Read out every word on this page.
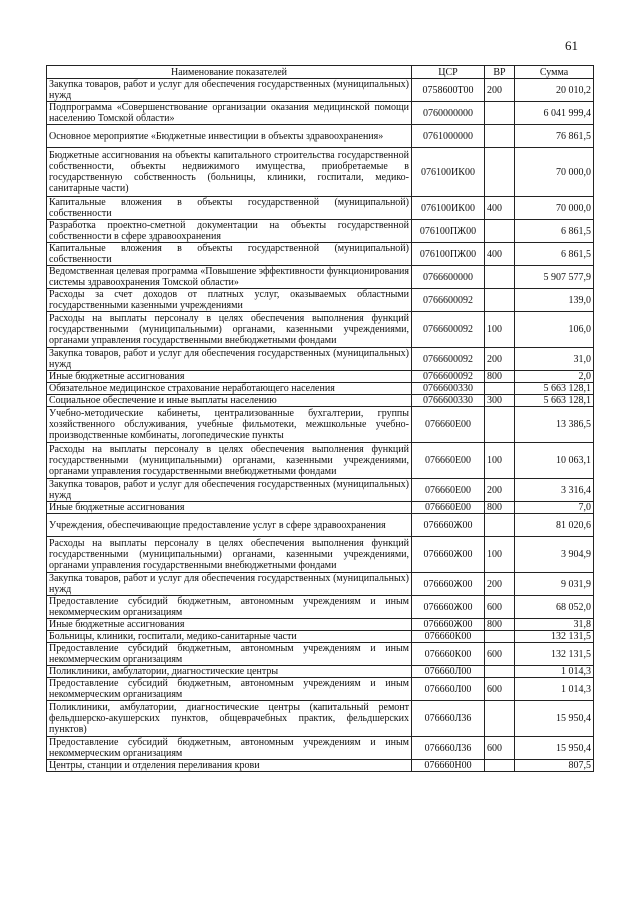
61
Наименование показателей	ЦСР	ВР	Сумма
Закупка товаров, работ и услуг для обеспечения государственных (муниципальных) нужд	0758600Т00	200	20 010,2
Подпрограмма «Совершенствование организации оказания медицинской помощи населению Томской области»	0760000000		6 041 999,4
Основное мероприятие «Бюджетные инвестиции в объекты здравоохранения»	0761000000		76 861,5
Бюджетные ассигнования на объекты капитального строительства государственной собственности, объекты недвижимого имущества, приобретаемые в государственную собственность (больницы, клиники, госпитали, медико-санитарные части)	076100ИК00		70 000,0
Капитальные вложения в объекты государственной (муниципальной) собственности	076100ИК00	400	70 000,0
Разработка проектно-сметной документации на объекты государственной собственности в сфере здравоохранения	076100ПЖ00		6 861,5
Капитальные вложения в объекты государственной (муниципальной) собственности	076100ПЖ00	400	6 861,5
Ведомственная целевая программа «Повышение эффективности функционирования системы здравоохранения Томской области»	0766600000		5 907 577,9
Расходы за счет доходов от платных услуг, оказываемых областными государственными казенными учреждениями	0766600092		139,0
Расходы на выплаты персоналу в целях обеспечения выполнения функций государственными (муниципальными) органами, казенными учреждениями, органами управления государственными внебюджетными фондами	0766600092	100	106,0
Закупка товаров, работ и услуг для обеспечения государственных (муниципальных) нужд	0766600092	200	31,0
Иные бюджетные ассигнования	0766600092	800	2,0
Обязательное медицинское страхование неработающего населения	0766600330		5 663 128,1
Социальное обеспечение и иные выплаты населению	0766600330	300	5 663 128,1
Учебно-методические кабинеты, централизованные бухгалтерии, группы хозяйственного обслуживания, учебные фильмотеки, межшкольные учебно-производственные комбинаты, логопедические пункты	076660Е00		13 386,5
Расходы на выплаты персоналу в целях обеспечения выполнения функций государственными (муниципальными) органами, казенными учреждениями, органами управления государственными внебюджетными фондами	076660Е00	100	10 063,1
Закупка товаров, работ и услуг для обеспечения государственных (муниципальных) нужд	076660Е00	200	3 316,4
Иные бюджетные ассигнования	076660Е00	800	7,0
Учреждения, обеспечивающие предоставление услуг в сфере здравоохранения	076660Ж00		81 020,6
Расходы на выплаты персоналу в целях обеспечения выполнения функций государственными (муниципальными) органами, казенными учреждениями, органами управления государственными внебюджетными фондами	076660Ж00	100	3 904,9
Закупка товаров, работ и услуг для обеспечения государственных (муниципальных) нужд	076660Ж00	200	9 031,9
Предоставление субсидий бюджетным, автономным учреждениям и иным некоммерческим организациям	076660Ж00	600	68 052,0
Иные бюджетные ассигнования	076660Ж00	800	31,8
Больницы, клиники, госпитали, медико-санитарные части	076660К00		132 131,5
Предоставление субсидий бюджетным, автономным учреждениям и иным некоммерческим организациям	076660К00	600	132 131,5
Поликлиники, амбулатории, диагностические центры	076660Л00		1 014,3
Предоставление субсидий бюджетным, автономным учреждениям и иным некоммерческим организациям	076660Л00	600	1 014,3
Поликлиники, амбулатории, диагностические центры (капитальный ремонт фельдшерско-акушерских пунктов, общеврачебных практик, фельдшерских пунктов)	076660Л36		15 950,4
Предоставление субсидий бюджетным, автономным учреждениям и иным некоммерческим организациям	076660Л36	600	15 950,4
Центры, станции и отделения переливания крови	076660Н00		807,5
